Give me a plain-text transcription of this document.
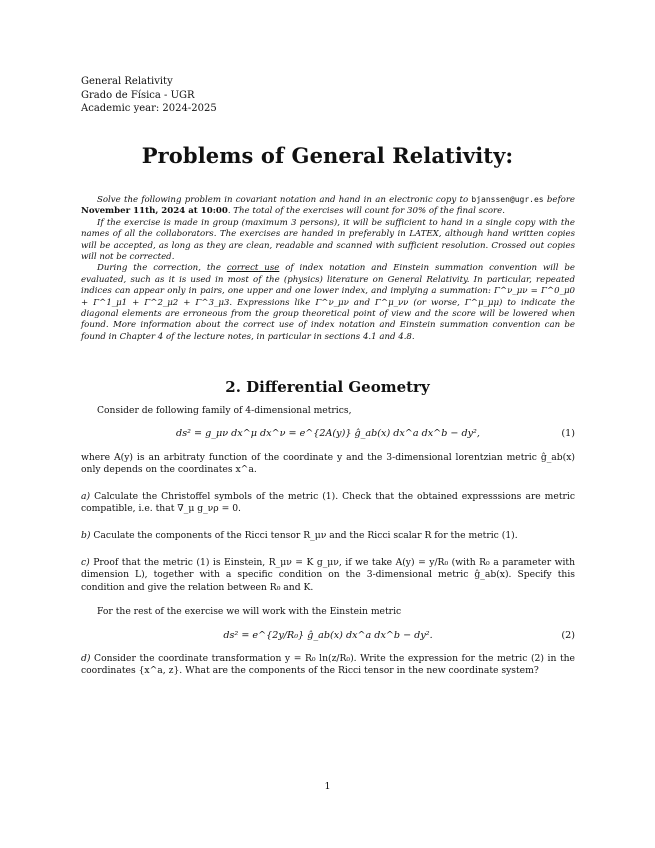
General Relativity
Grado de Física - UGR
Academic year: 2024-2025
Problems of General Relativity:

Solve the following problem in covariant notation and hand in an electronic copy to bjanssen@ugr.es before November 11th, 2024 at 10:00. The total of the exercises will count for 30% of the final score.

If the exercise is made in group (maximum 3 persons), it will be sufficient to hand in a single copy with the names of all the collaborators. The exercises are handed in preferably in LATEX, although hand written copies will be accepted, as long as they are clean, readable and scanned with sufficient resolution. Crossed out copies will not be corrected.

During the correction, the correct use of index notation and Einstein summation convention will be evaluated, such as it is used in most of the (physics) literature on General Relativity. In particular, repeated indices can appear only in pairs, one upper and one lower index, and implying a summation: Γ^ν_μν = Γ^0_μ0 + Γ^1_μ1 + Γ^2_μ2 + Γ^3_μ3. Expressions like Γ^ν_μν and Γ^μ_νν (or worse, Γ^μ_μμ) to indicate the diagonal elements are erroneous from the group theoretical point of view and the score will be lowered when found. More information about the correct use of index notation and Einstein summation convention can be found in Chapter 4 of the lecture notes, in particular in sections 4.1 and 4.8.

2. Differential Geometry

Consider de following family of 4-dimensional metrics,

ds² = g_μν dx^μ dx^ν = e^{2A(y)} ĝ_ab(x) dx^a dx^b − dy²,	(1)

where A(y) is an arbitraty function of the coordinate y and the 3-dimensional lorentzian metric ĝ_ab(x) only depends on the coordinates x^a.

a) Calculate the Christoffel symbols of the metric (1). Check that the obtained expresssions are metric compatible, i.e. that ∇_μ g_νρ = 0.

b) Caculate the components of the Ricci tensor R_μν and the Ricci scalar R for the metric (1).

c) Proof that the metric (1) is Einstein, R_μν = K g_μν, if we take A(y) = y/R₀ (with R₀ a parameter with dimension L), together with a specific condition on the 3-dimensional metric ĝ_ab(x). Specify this condition and give the relation between R₀ and K.

For the rest of the exercise we will work with the Einstein metric

ds² = e^{2y/R₀} ĝ_ab(x) dx^a dx^b − dy².	(2)

d) Consider the coordinate transformation y = R₀ ln(z/R₀). Write the expression for the metric (2) in the coordinates {x^a, z}. What are the components of the Ricci tensor in the new coordinate system?

1
